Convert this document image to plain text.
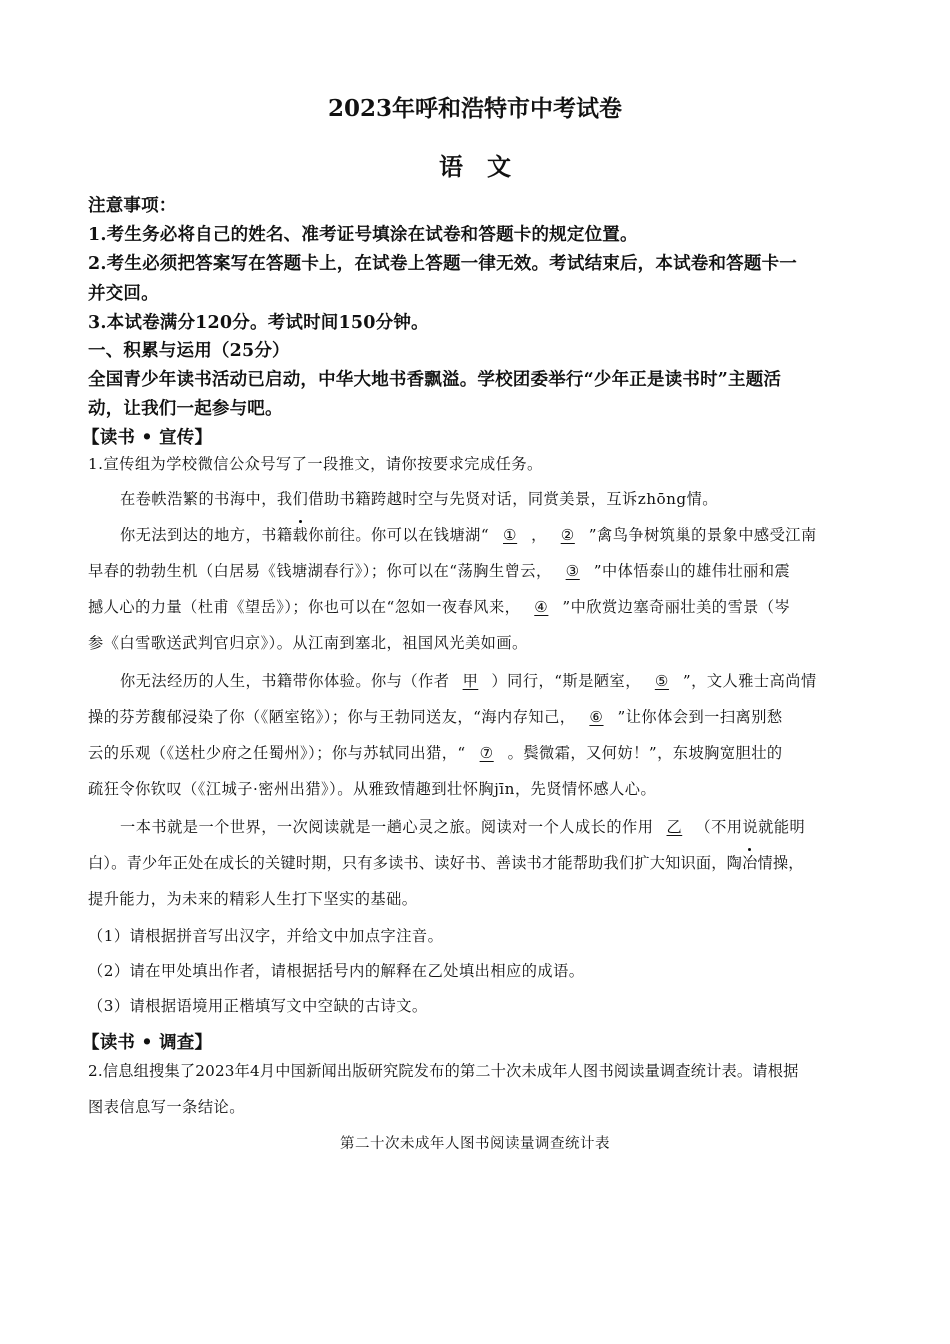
2023年呼和浩特市中考试卷
语　文
注意事项：
1.考生务必将自己的姓名、准考证号填涂在试卷和答题卡的规定位置。
2.考生必须把答案写在答题卡上，在试卷上答题一律无效。考试结束后，本试卷和答题卡一
并交回。
3.本试卷满分120分。考试时间150分钟。
一、积累与运用（25分）
全国青少年读书活动已启动，中华大地书香飘溢。学校团委举行“少年正是读书时”主题活
动，让我们一起参与吧。
【读书 • 宣传】
1.宣传组为学校微信公众号写了一段推文，请你按要求完成任务。
在卷帙浩繁的书海中，我们借助书籍跨越时空与先贤对话，同赏美景，互诉zhōng情。
你无法到达的地方，书籍载你前往。你可以在钱塘湖“ ① ， ② ”禽鸟争树筑巢的景象中感受江南
早春的勃勃生机（白居易《钱塘湖春行》）；你可以在“荡胸生曾云， ③ ”中体悟泰山的雄伟壮丽和震
撼人心的力量（杜甫《望岳》）；你也可以在“忽如一夜春风来， ④ ”中欣赏边塞奇丽壮美的雪景（岑
参《白雪歌送武判官归京》）。从江南到塞北，祖国风光美如画。
你无法经历的人生，书籍带你体验。你与（作者 甲 ）同行，“斯是陋室， ⑤ ”，文人雅士高尚情
操的芬芳馥郁浸染了你（《陋室铭》）；你与王勃同送友，“海内存知己， ⑥ ”让你体会到一扫离别愁
云的乐观（《送杜少府之任蜀州》）；你与苏轼同出猎，“ ⑦ 。鬓微霜，又何妨！”，东坡胸宽胆壮的
疏狂令你钦叹（《江城子·密州出猎》）。从雅致情趣到壮怀胸jīn，先贤情怀感人心。
一本书就是一个世界，一次阅读就是一趟心灵之旅。阅读对一个人成长的作用 乙 （不用说就能明
白）。青少年正处在成长的关键时期，只有多读书、读好书、善读书才能帮助我们扩大知识面，陶冶情操，
提升能力，为未来的精彩人生打下坚实的基础。
（1）请根据拼音写出汉字，并给文中加点字注音。
（2）请在甲处填出作者，请根据括号内的解释在乙处填出相应的成语。
（3）请根据语境用正楷填写文中空缺的古诗文。
【读书 • 调查】
2.信息组搜集了2023年4月中国新闻出版研究院发布的第二十次未成年人图书阅读量调查统计表。请根据
图表信息写一条结论。
第二十次未成年人图书阅读量调查统计表
